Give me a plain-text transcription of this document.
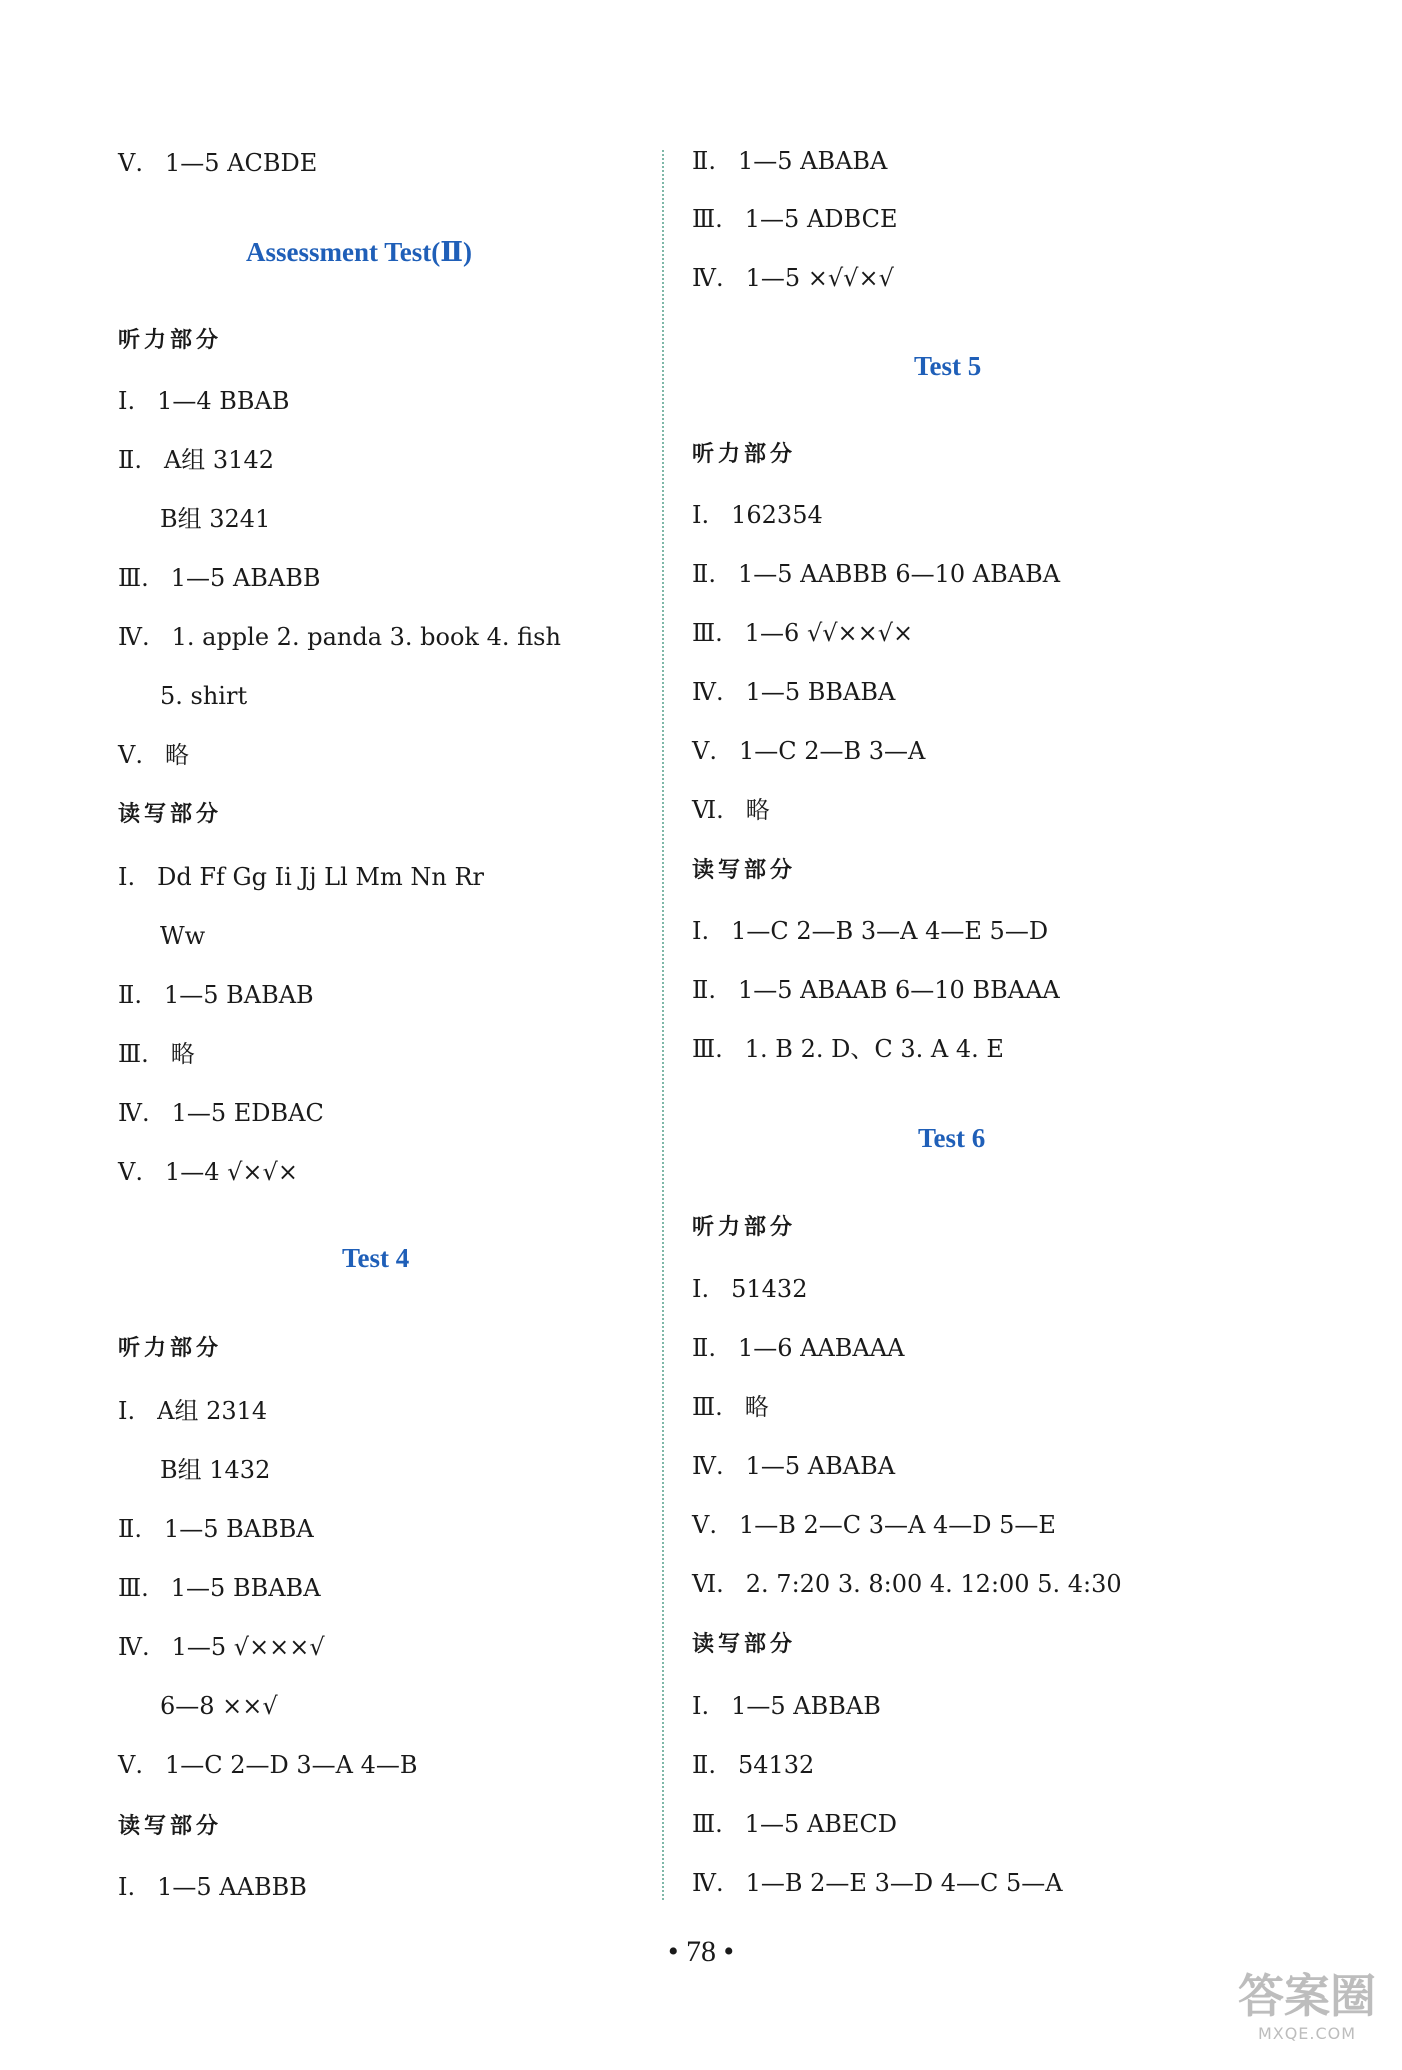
Ⅴ. 1—5 ACBDE
Assessment Test(Ⅱ)
听力部分
Ⅰ. 1—4 BBAB
Ⅱ. A组 3142
B组 3241
Ⅲ. 1—5 ABABB
Ⅳ. 1. apple 2. panda 3. book 4. fish
5. shirt
Ⅴ. 略
读写部分
Ⅰ. Dd Ff Gg Ii Jj Ll Mm Nn Rr
Ww
Ⅱ. 1—5 BABAB
Ⅲ. 略
Ⅳ. 1—5 EDBAC
Ⅴ. 1—4 √×√×
Test 4
听力部分
Ⅰ. A组 2314
B组 1432
Ⅱ. 1—5 BABBA
Ⅲ. 1—5 BBABA
Ⅳ. 1—5 √×××√
6—8 ××√
Ⅴ. 1—C 2—D 3—A 4—B
读写部分
Ⅰ. 1—5 AABBB
Ⅱ. 1—5 ABABA
Ⅲ. 1—5 ADBCE
Ⅳ. 1—5 ×√√×√
Test 5
听力部分
Ⅰ. 162354
Ⅱ. 1—5 AABBB 6—10 ABABA
Ⅲ. 1—6 √√××√×
Ⅳ. 1—5 BBABA
Ⅴ. 1—C 2—B 3—A
Ⅵ. 略
读写部分
Ⅰ. 1—C 2—B 3—A 4—E 5—D
Ⅱ. 1—5 ABAAB 6—10 BBAAA
Ⅲ. 1. B 2. D、C 3. A 4. E
Test 6
听力部分
Ⅰ. 51432
Ⅱ. 1—6 AABAAA
Ⅲ. 略
Ⅳ. 1—5 ABABA
Ⅴ. 1—B 2—C 3—A 4—D 5—E
Ⅵ. 2. 7:20 3. 8:00 4. 12:00 5. 4:30
读写部分
Ⅰ. 1—5 ABBAB
Ⅱ. 54132
Ⅲ. 1—5 ABECD
Ⅳ. 1—B 2—E 3—D 4—C 5—A
• 78 •
答案圈
MXQE.COM
